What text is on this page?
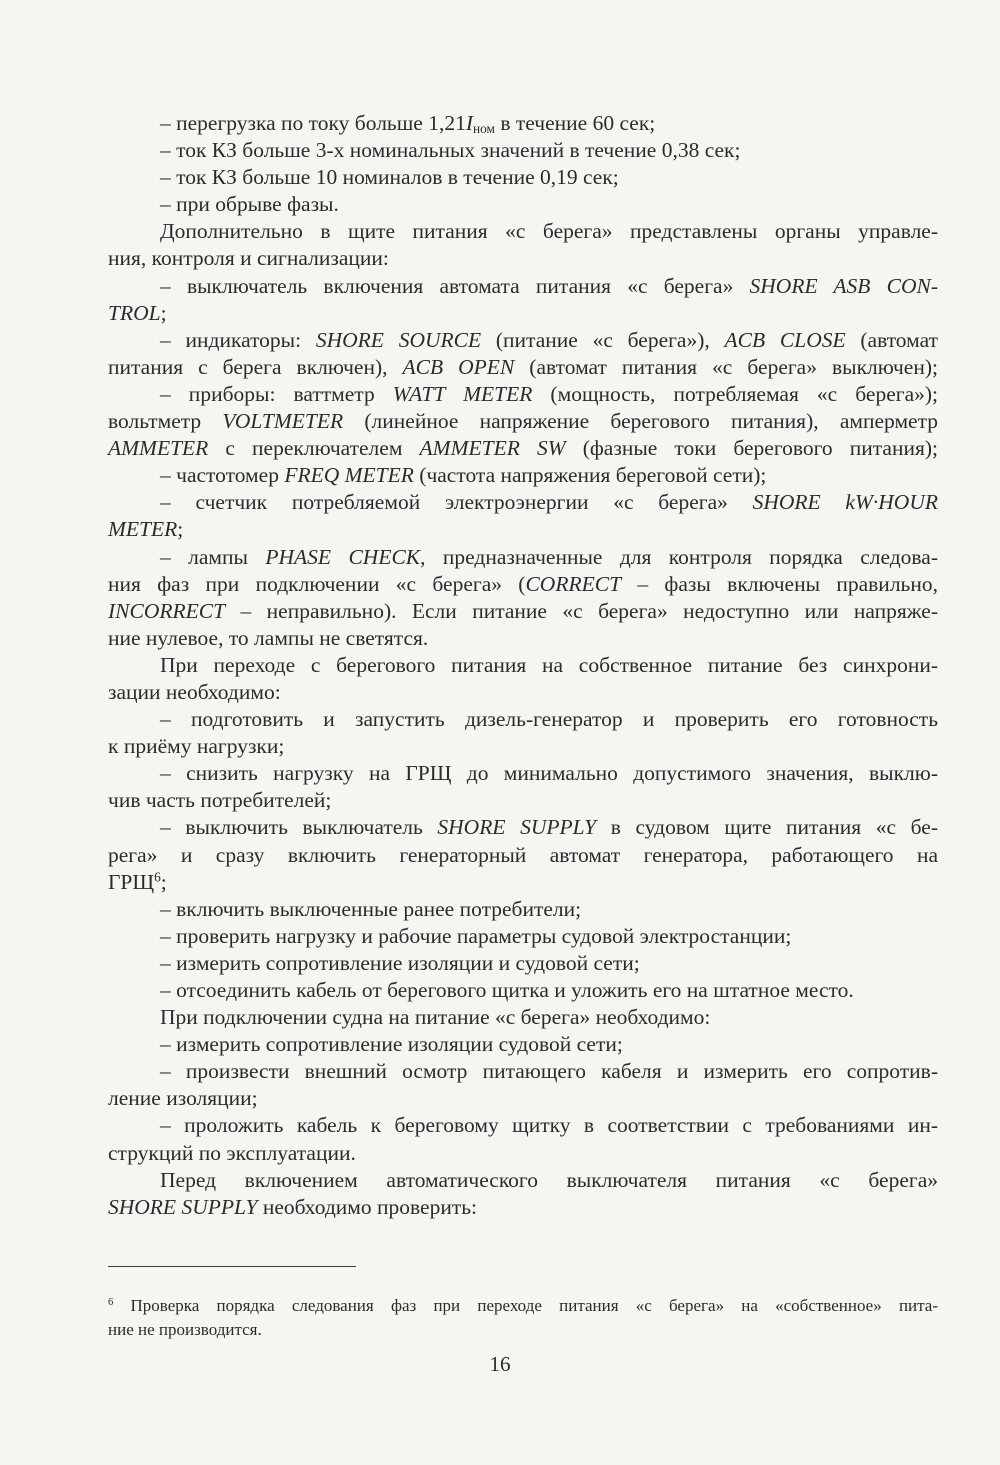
– перегрузка по току больше $1,21I_{ном}$ в течение 60 сек;
– ток КЗ больше 3-х номинальных значений в течение 0,38 сек;
– ток КЗ больше 10 номиналов в течение 0,19 сек;
– при обрыве фазы.
Дополнительно в щите питания «с берега» представлены органы управле-
ния, контроля и сигнализации:
– выключатель включения автомата питания «с берега» SHORE ASB CON-
TROL;
– индикаторы: SHORE SOURCE (питание «с берега»), ACB CLOSE (автомат
питания с берега включен), ACB OPEN (автомат питания «с берега» выключен);
– приборы: ваттметр WATT METER (мощность, потребляемая «с берега»);
вольтметр VOLTMETER (линейное напряжение берегового питания), амперметр
AMMETER с переключателем AMMETER SW (фазные токи берегового питания);
– частотомер FREQ METER (частота напряжения береговой сети);
– счетчик потребляемой электроэнергии «с берега» SHORE kW·HOUR
METER;
– лампы PHASE CHECK, предназначенные для контроля порядка следова-
ния фаз при подключении «с берега» (CORRECT – фазы включены правильно,
INCORRECT – неправильно). Если питание «с берега» недоступно или напряже-
ние нулевое, то лампы не светятся.
При переходе с берегового питания на собственное питание без синхрони-
зации необходимо:
– подготовить и запустить дизель-генератор и проверить его готовность
к приёму нагрузки;
– снизить нагрузку на ГРЩ до минимально допустимого значения, выклю-
чив часть потребителей;
– выключить выключатель SHORE SUPPLY в судовом щите питания «с бе-
рега» и сразу включить генераторный автомат генератора, работающего на
ГРЩ$^6$;
– включить выключенные ранее потребители;
– проверить нагрузку и рабочие параметры судовой электростанции;
– измерить сопротивление изоляции и судовой сети;
– отсоединить кабель от берегового щитка и уложить его на штатное место.
При подключении судна на питание «с берега» необходимо:
– измерить сопротивление изоляции судовой сети;
– произвести внешний осмотр питающего кабеля и измерить его сопротив-
ление изоляции;
– проложить кабель к береговому щитку в соответствии с требованиями ин-
струкций по эксплуатации.
Перед включением автоматического выключателя питания «с берега»
SHORE SUPPLY необходимо проверить:
$^6$ Проверка порядка следования фаз при переходе питания «с берега» на «собственное» пита-
ние не производится.
16
